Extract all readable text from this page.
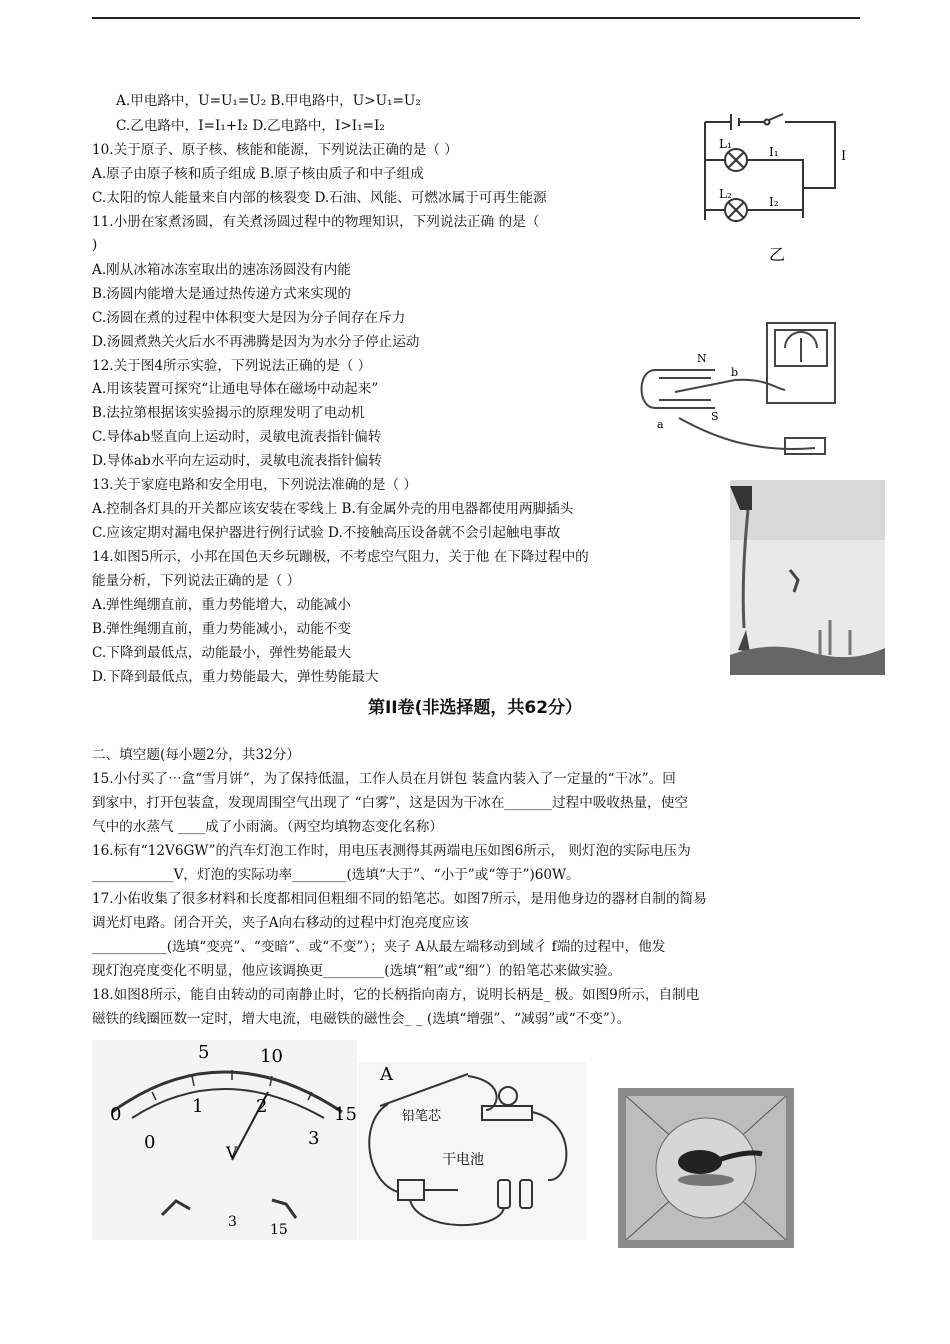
A.甲电路中，U=U₁=U₂ B.甲电路中，U>U₁=U₂
C.乙电路中，I=I₁+I₂ D.乙电路中，I>I₁=I₂
10.关于原子、原子核、核能和能源，下列说法正确的是（ ）
A.原子由原子核和质子组成 B.原子核由质子和中子组成
C.太阳的惊人能量来自内部的核裂变 D.石油、风能、可燃冰属于可再生能源
11.小册在家煮汤圆，有关煮汤圆过程中的物理知识，下列说法正确 的是（
)
A.刚从冰箱冰冻室取出的速冻汤圆没有内能
B.汤圆内能增大是通过热传递方式来实现的
C.汤圆在煮的过程中体积变大是因为分子间存在斥力
D.汤圆煮熟关火后水不再沸腾是因为为水分子停止运动
12.关于图4所示实验，下列说法正确的是（ ）
A.用该装置可探究“让通电导体在磁场中动起来”
B.法拉第根据该实验揭示的原理发明了电动机
C.导体ab竖直向上运动时，灵敏电流表指针偏转
D.导体ab水平向左运动时，灵敏电流表指针偏转
13.关于家庭电路和安全用电，下列说法准确的是（ ）
A.控制各灯具的开关都应该安装在零线上 B.有金属外壳的用电器都使用两脚插头
C.应该定期对漏电保护器进行例行试验 D.不接触高压设备就不会引起触电事故
14.如图5所示，小邦在国色天乡玩蹦极，不考虑空气阻力，关于他 在下降过程中的
能量分析，下列说法正确的是（ ）
A.弹性绳绷直前，重力势能增大，动能减小
B.弹性绳绷直前，重力势能减小，动能不变
C.下降到最低点，动能最小，弹性势能最大
D.下降到最低点，重力势能最大，弹性势能最大
第II卷(非选择题，共62分）
二、填空题(每小题2分，共32分）
15.小付买了⋯盒“雪月饼”，为了保持低温，工作人员在月饼包 装盒内装入了一定量的“干冰”。回
到家中，打开包装盒，发现周围空气出现了 “白雾”，这是因为干冰在_______过程中吸收热量，使空
气中的水蒸气 ____成了小雨滴。（两空均填物态变化名称）
16.标有“12V6GW”的汽车灯泡工作时，用电压表测得其两端电压如图6所示， 则灯泡的实际电压为
____________V，灯泡的实际功率________(选填“大于”、“小于”或“等于”)60W。
17.小佑收集了很多材料和长度都相同但粗细不同的铅笔芯。如图7所示，是用他身边的器材自制的简易
调光灯电路。闭合开关，夹子A向右移动的过程中灯泡亮度应该
___________(选填“变亮”、“变暗”、或“不变”）；夹子 A从最左端移动到域彳 f端的过程中，他发
现灯泡亮度变化不明显，他应该调换更_________(选填“粗”或“细”）的铅笔芯来做实验。
18.如图8所示，能自由转动的司南静止时，它的长柄指向南方，说明长柄是_ 极。如图9所示，自制电
磁铁的线圈匝数一定时，增大电流，电磁铁的磁性会_ _ (选填“增强”、“减弱”或“不变”）。
L₁
L₂
I₁
I₂
I
乙
N
S
a
b
5	10
0	15
0
1	2
3
V
3 15
A
铅笔芯
干电池
